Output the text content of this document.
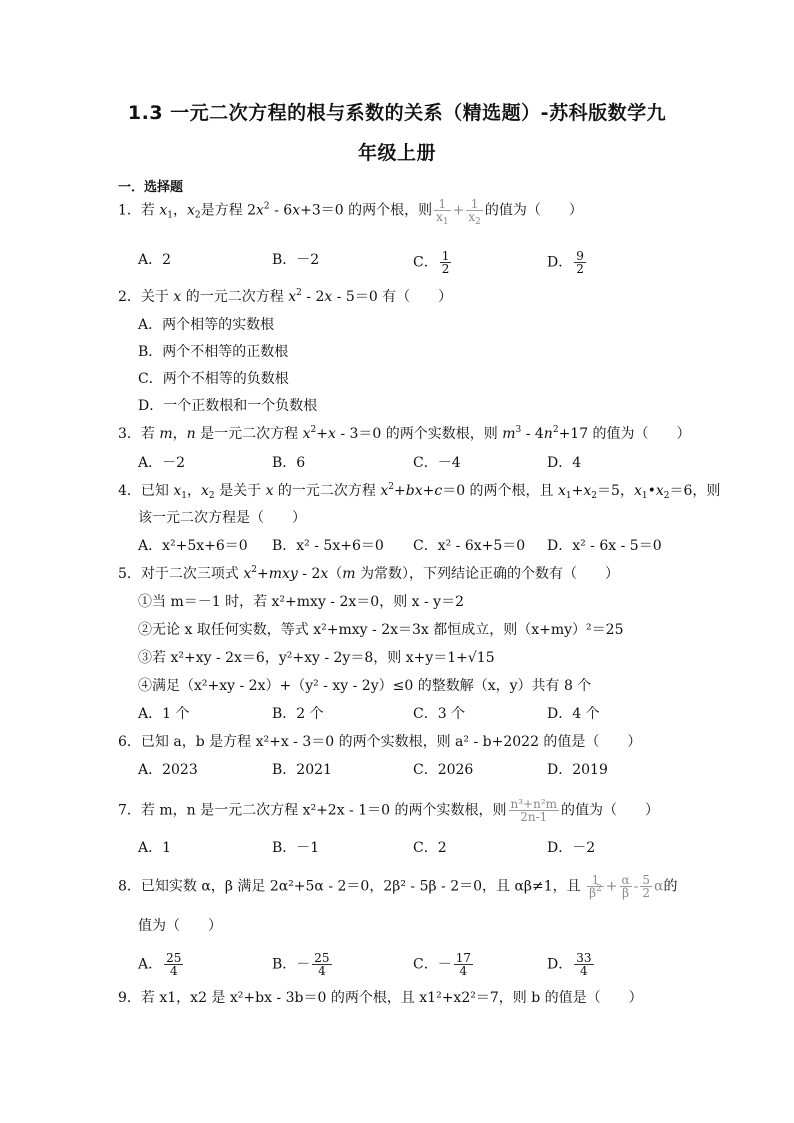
1.3 一元二次方程的根与系数的关系（精选题）-苏科版数学九
年级上册
一．选择题
1．若 $x_1$，$x_2$是方程 $2x^2 - 6x+3=0$ 的两个根，则 $\frac{1}{x_1} + \frac{1}{x_2}$ 的值为（　　）
A．2	B．－2	C． $\frac{1}{2}$	D． $\frac{9}{2}$
2．关于 x 的一元二次方程 $x^2 - 2x - 5=0$ 有（　　）
A．两个相等的实数根
B．两个不相等的正数根
C．两个不相等的负数根
D．一个正数根和一个负数根
3．若 m，n 是一元二次方程 $x^2+x - 3=0$ 的两个实数根，则 $m^3 - 4n^2+17$ 的值为（　　）
A．－2	B．6	C．－4	D．4
4．已知 $x_1$，$x_2$ 是关于 x 的一元二次方程 $x^2+bx+c=0$ 的两个根，且 $x_1+x_2=5$，$x_1•x_2=6$，则
该一元二次方程是（　　）
A．x²+5x+6＝0 B．x² - 5x+6＝0 C．x² - 6x+5＝0 D．x² - 6x - 5＝0
5．对于二次三项式 $x^2+mxy - 2x(m$ 为常数），下列结论正确的个数有（　　）
①当 m＝－1 时，若 x²+mxy - 2x＝0，则 x - y＝2
②无论 x 取任何实数，等式 x²+mxy - 2x＝3x 都恒成立，则（x+my）²＝25
③若 x²+xy - 2x＝6，y²+xy - 2y＝8，则 x+y＝1+√15
④满足（x²+xy - 2x）+（y² - xy - 2y）≤0 的整数解（x，y）共有 8 个
A．1 个	B．2 个	C．3 个	D．4 个
6．已知 a，b 是方程 x²+x - 3＝0 的两个实数根，则 a² - b+2022 的值是（　　）
A．2023	B．2021	C．2026	D．2019
7．若 m，n 是一元二次方程 x²+2x - 1＝0 的两个实数根，则 $\frac{\text{n³+n²m}}{2n-1}$ 的值为（　　）
A．1	B．－1	C．2	D．－2
8．已知实数 α，β 满足 2α²+5α - 2＝0，2β² - 5β - 2＝0，且 αβ≠1，且 $\frac{1}{\beta^2} + \frac{\alpha}{\beta} - \frac{5}{2}$ α的
值为（　　）
A． $\frac{25}{4}$	B．－ $\frac{25}{4}$	C．－ $\frac{17}{4}$	D． $\frac{33}{4}$
9．若 x1，x2 是 x²+bx - 3b＝0 的两个根，且 x1²+x2²＝7，则 b 的值是（　　）
